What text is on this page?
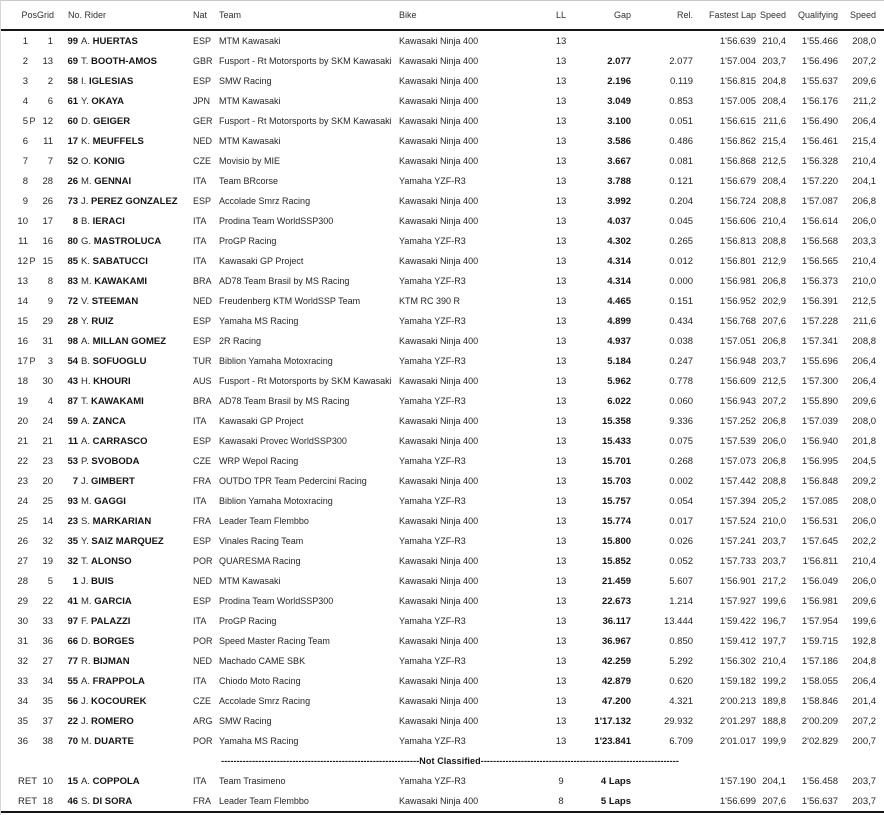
Pos	Grid	No. Rider	Nat	Team	Bike	LL	Gap	Rel.	Fastest Lap	Speed	Qualifying	Speed	
1		1	99	A. HUERTAS	ESP	MTM Kawasaki	Kawasaki Ninja 400	13			1'56.639	210,4	1'55.466	208,0	
2		13	69	T. BOOTH-AMOS	GBR	Fusport - Rt Motorsports by SKM Kawasaki	Kawasaki Ninja 400	13	2.077	2.077	1'57.004	203,7	1'56.496	207,2	
3		2	58	I. IGLESIAS	ESP	SMW Racing	Kawasaki Ninja 400	13	2.196	0.119	1'56.815	204,8	1'55.637	209,6	
4		6	61	Y. OKAYA	JPN	MTM Kawasaki	Kawasaki Ninja 400	13	3.049	0.853	1'57.005	208,4	1'56.176	211,2	
5	P	12	60	D. GEIGER	GER	Fusport - Rt Motorsports by SKM Kawasaki	Kawasaki Ninja 400	13	3.100	0.051	1'56.615	211,6	1'56.490	206,4	
6		11	17	K. MEUFFELS	NED	MTM Kawasaki	Kawasaki Ninja 400	13	3.586	0.486	1'56.862	215,4	1'56.461	215,4	
7		7	52	O. KONIG	CZE	Movisio by MIE	Kawasaki Ninja 400	13	3.667	0.081	1'56.868	212,5	1'56.328	210,4	
8		28	26	M. GENNAI	ITA	Team BRcorse	Yamaha YZF-R3	13	3.788	0.121	1'56.679	208,4	1'57.220	204,1	
9		26	73	J. PEREZ GONZALEZ	ESP	Accolade Smrz Racing	Kawasaki Ninja 400	13	3.992	0.204	1'56.724	208,8	1'57.087	206,8	
10		17	8	B. IERACI	ITA	Prodina Team WorldSSP300	Kawasaki Ninja 400	13	4.037	0.045	1'56.606	210,4	1'56.614	206,0	
11		16	80	G. MASTROLUCA	ITA	ProGP Racing	Yamaha YZF-R3	13	4.302	0.265	1'56.813	208,8	1'56.568	203,3	
12	P	15	85	K. SABATUCCI	ITA	Kawasaki GP Project	Kawasaki Ninja 400	13	4.314	0.012	1'56.801	212,9	1'56.565	210,4	
13		8	83	M. KAWAKAMI	BRA	AD78 Team Brasil by MS Racing	Yamaha YZF-R3	13	4.314	0.000	1'56.981	206,8	1'56.373	210,0	
14		9	72	V. STEEMAN	NED	Freudenberg KTM WorldSSP Team	KTM RC 390 R	13	4.465	0.151	1'56.952	202,9	1'56.391	212,5	
15		29	28	Y. RUIZ	ESP	Yamaha MS Racing	Yamaha YZF-R3	13	4.899	0.434	1'56.768	207,6	1'57.228	211,6	
16		31	98	A. MILLAN GOMEZ	ESP	2R Racing	Kawasaki Ninja 400	13	4.937	0.038	1'57.051	206,8	1'57.341	208,8	
17	P	3	54	B. SOFUOGLU	TUR	Biblion Yamaha Motoxracing	Yamaha YZF-R3	13	5.184	0.247	1'56.948	203,7	1'55.696	206,4	
18		30	43	H. KHOURI	AUS	Fusport - Rt Motorsports by SKM Kawasaki	Kawasaki Ninja 400	13	5.962	0.778	1'56.609	212,5	1'57.300	206,4	
19		4	87	T. KAWAKAMI	BRA	AD78 Team Brasil by MS Racing	Yamaha YZF-R3	13	6.022	0.060	1'56.943	207,2	1'55.890	209,6	
20		24	59	A. ZANCA	ITA	Kawasaki GP Project	Kawasaki Ninja 400	13	15.358	9.336	1'57.252	206,8	1'57.039	208,0	
21		21	11	A. CARRASCO	ESP	Kawasaki Provec WorldSSP300	Kawasaki Ninja 400	13	15.433	0.075	1'57.539	206,0	1'56.940	201,8	
22		23	53	P. SVOBODA	CZE	WRP Wepol Racing	Yamaha YZF-R3	13	15.701	0.268	1'57.073	206,8	1'56.995	204,5	
23		20	7	J. GIMBERT	FRA	OUTDO TPR Team Pedercini Racing	Kawasaki Ninja 400	13	15.703	0.002	1'57.442	208,8	1'56.848	209,2	
24		25	93	M. GAGGI	ITA	Biblion Yamaha Motoxracing	Yamaha YZF-R3	13	15.757	0.054	1'57.394	205,2	1'57.085	208,0	
25		14	23	S. MARKARIAN	FRA	Leader Team Flembbo	Kawasaki Ninja 400	13	15.774	0.017	1'57.524	210,0	1'56.531	206,0	
26		32	35	Y. SAIZ MARQUEZ	ESP	Vinales Racing Team	Yamaha YZF-R3	13	15.800	0.026	1'57.241	203,7	1'57.645	202,2	
27		19	32	T. ALONSO	POR	QUARESMA Racing	Kawasaki Ninja 400	13	15.852	0.052	1'57.733	203,7	1'56.811	210,4	
28		5	1	J. BUIS	NED	MTM Kawasaki	Kawasaki Ninja 400	13	21.459	5.607	1'56.901	217,2	1'56.049	206,0	
29		22	41	M. GARCIA	ESP	Prodina Team WorldSSP300	Kawasaki Ninja 400	13	22.673	1.214	1'57.927	199,6	1'56.981	209,6	
30		33	97	F. PALAZZI	ITA	ProGP Racing	Yamaha YZF-R3	13	36.117	13.444	1'59.422	196,7	1'57.954	199,6	
31		36	66	D. BORGES	POR	Speed Master Racing Team	Kawasaki Ninja 400	13	36.967	0.850	1'59.412	197,7	1'59.715	192,8	
32		27	77	R. BIJMAN	NED	Machado CAME SBK	Yamaha YZF-R3	13	42.259	5.292	1'56.302	210,4	1'57.186	204,8	
33		34	55	A. FRAPPOLA	ITA	Chiodo Moto Racing	Kawasaki Ninja 400	13	42.879	0.620	1'59.182	199,2	1'58.055	206,4	
34		35	56	J. KOCOUREK	CZE	Accolade Smrz Racing	Kawasaki Ninja 400	13	47.200	4.321	2'00.213	189,8	1'58.846	201,4	
35		37	22	J. ROMERO	ARG	SMW Racing	Kawasaki Ninja 400	13	1'17.132	29.932	2'01.297	188,8	2'00.209	207,2	
36		38	70	M. DUARTE	POR	Yamaha MS Racing	Yamaha YZF-R3	13	1'23.841	6.709	2'01.017	199,9	2'02.829	200,7	
----------------------------------------------------------------Not Classified----------------------------------------------------------------
RET		10	15	A. COPPOLA	ITA	Team Trasimeno	Yamaha YZF-R3	9	4 Laps		1'57.190	204,1	1'56.458	203,7	
RET		18	46	S. DI SORA	FRA	Leader Team Flembbo	Kawasaki Ninja 400	8	5 Laps		1'56.699	207,6	1'56.637	203,7	
